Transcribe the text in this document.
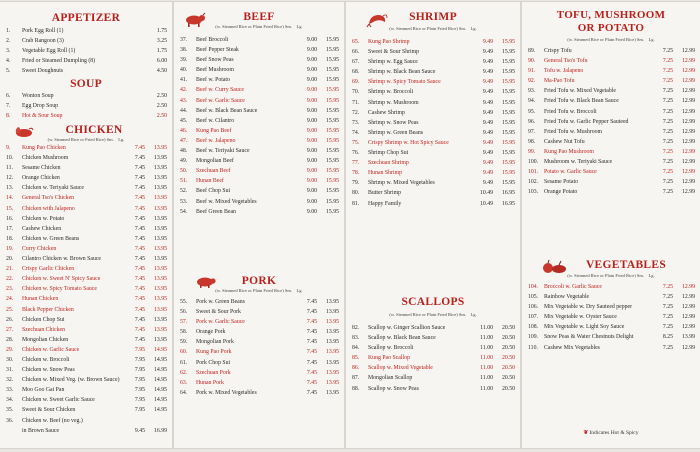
APPETIZER
1.	Pork Egg Roll (1)	1.75
2.	Crab Rangoon (3)	3.25
3.	Vegetable Egg Roll (1)	1.75
4.	Fried or Steamed Dumpling (8)	6.00
5.	Sweet Doughnuts	4.50
SOUP
6.	Wonton Soup	2.50
7.	Egg Drop Soup	2.50
8.	Hot & Sour Soup	2.50
CHICKEN
(w. Steamed Rice or Fried Rice) Sm. Lg.
9.	Kung Pao Chicken	7.45	13.95
10.	Chicken Mushroom	7.45	13.95
11.	Sesame Chicken	7.45	13.95
12.	Orange Chicken	7.45	13.95
13.	Chicken w. Teriyaki Sauce	7.45	13.95
14.	General Tso's Chicken	7.45	13.95
15.	Chicken with Jalapeno	7.45	13.95
16.	Chicken w. Potato	7.45	13.95
17.	Cashew Chicken	7.45	13.95
18.	Chicken w. Green Beans	7.45	13.95
19.	Curry Chicken	7.45	13.95
20.	Cilantro Chicken w. Brown Sauce	7.45	13.95
21.	Crispy Garlic Chicken	7.45	13.95
22.	Chicken w. Sweet N' Spicy Sauce	7.45	13.95
23.	Chicken w. Spicy Tomato Sauce	7.45	13.95
24.	Hunan Chicken	7.45	13.95
25.	Black Pepper Chicken	7.45	13.95
26.	Chicken Chop Sui	7.45	13.95
27.	Szechuan Chicken	7.45	13.95
28.	Mongolian Chicken	7.45	13.95
29.	Chicken w. Garlic Sauce	7.95	14.95
30.	Chicken w. Broccoli	7.95	14.95
31.	Chicken w. Snow Peas	7.95	14.95
32.	Chicken w. Mixed Veg. (w. Brown Sauce)	7.95	14.95
33.	Moo Goo Gai Pan	7.95	14.95
34.	Chicken w. Sweet Garlic Sauce	7.95	14.95
35.	Sweet & Sour Chicken	7.95	14.95
36.	Chicken w. Beef (no veg.)
in Brown Sauce	9.45	16.99
BEEF
(w. Steamed Rice or Plain Fried Rice) Sm. Lg.
37.	Beef Broccoli	9.00	15.95
38.	Beef Pepper Steak	9.00	15.95
39.	Beef Snow Peas	9.00	15.95
40.	Beef Mushroom	9.00	15.95
41.	Beef w. Potato	9.00	15.95
42.	Beef w. Curry Sauce	9.00	15.95
43.	Beef w. Garlic Sauce	9.00	15.95
44.	Beef w. Black Bean Sauce	9.00	15.95
45.	Beef w. Cilantro	9.00	15.95
46.	Kung Pao Beef	9.00	15.95
47.	Beef w. Jalapeno	9.00	15.95
48.	Beef w. Teriyaki Sauce	9.00	15.95
49.	Mongolian Beef	9.00	15.95
50.	Szechuan Beef	9.00	15.95
51.	Hunan Beef	9.00	15.95
52.	Beef Chop Sui	9.00	15.95
53.	Beef w. Mixed Vegetables	9.00	15.95
54.	Beef Green Bean	9.00	15.95
PORK
(w. Steamed Rice or Plain Fried Rice) Sm. Lg.
55.	Pork w. Green Beans	7.45	13.95
56.	Sweet & Sour Pork	7.45	13.95
57.	Pork w. Garlic Sauce	7.45	13.95
58.	Orange Pork	7.45	13.95
59.	Mongolian Pork	7.45	13.95
60.	Kung Pao Pork	7.45	13.95
61.	Pork Chop Sui	7.45	13.95
62.	Szechuan Pork	7.45	13.95
63.	Hunan Pork	7.45	13.95
64.	Pork w. Mixed Vegetables	7.45	13.95
SHRIMP
(w. Steamed Rice or Plain Fried Rice) Sm. Lg.
65.	Kung Pao Shrimp	9.49	15.95
66.	Sweet & Sour Shrimp	9.49	15.95
67.	Shrimp w. Egg Sauce	9.49	15.95
68.	Shrimp w. Black Bean Sauce	9.49	15.95
69.	Shrimp w. Spicy Tomato Sauce	9.49	15.95
70.	Shrimp w. Broccoli	9.49	15.95
71.	Shrimp w. Mushroom	9.49	15.95
72.	Cashew Shrimp	9.49	15.95
73.	Shrimp w. Snow Peas	9.49	15.95
74.	Shrimp w. Green Beans	9.49	15.95
75.	Crispy Shrimp w. Hot Spicy Sauce	9.49	15.95
76.	Shrimp Chop Sui	9.49	15.95
77.	Szechuan Shrimp	9.49	15.95
78.	Hunan Shrimp	9.49	15.95
79.	Shrimp w. Mixed Vegetables	9.49	15.95
80.	Butter Shrimp	10.49	16.95
81.	Happy Family	10.49	16.95
SCALLOPS
(w. Steamed Rice or Plain Fried Rice) Sm. Lg.
82.	Scallop w. Ginger Scallion Sauce	11.00	20.50
83.	Scallop w. Black Bean Sauce	11.00	20.50
84.	Scallop w. Broccoli	11.00	20.50
85.	Kung Pao Scallop	11.00	20.50
86.	Scallop w. Mixed Vegetable	11.00	20.50
87.	Mongolian Scallop	11.00	20.50
88.	Scallop w. Snow Peas	11.00	20.50
TOFU, MUSHROOM
OR POTATO
(w. Steamed Rice or Plain Fried Rice) Sm. Lg.
89.	Crispy Tofu	7.25	12.99
90.	General Tso's Tofu	7.25	12.99
91.	Tofu w. Jalapeno	7.25	12.99
92.	Ma-Pao Tofu	7.25	12.99
93.	Fried Tofu w. Mixed Vegetable	7.25	12.99
94.	Fried Tofu w. Black Bean Sauce	7.25	12.99
95.	Fried Tofu w. Broccoli	7.25	12.99
96.	Fried Tofu w. Garlic Pepper Sauteed	7.25	12.99
97.	Fried Tofu w. Mushroom	7.25	12.99
98.	Cashew Nut Tofu	7.25	12.99
99.	Kung Pao Mushroom	7.25	12.99
100.	Mushroom w. Teriyaki Sauce	7.25	12.99
101.	Potato w. Garlic Sauce	7.25	12.99
102.	Sesame Potato	7.25	12.99
103.	Orange Potato	7.25	12.99
VEGETABLES
(w. Steamed Rice or Plain Fried Rice) Sm. Lg.
104.	Broccoli w. Garlic Sauce	7.25	12.99
105.	Rainbow Vegetable	7.25	12.99
106.	Mix Vegetable w. Dry Sauteed pepper	7.25	12.99
107.	Mix Vegetable w. Oyster Sauce	7.25	12.99
108.	Mix Vegetable w. Light Soy Sauce	7.25	12.99
109.	Snow Peas & Water Chestnuts Delight	8.25	13.99
110.	Cashew Mix Vegetables	7.25	12.99
❦ Indicates Hot & Spicy
